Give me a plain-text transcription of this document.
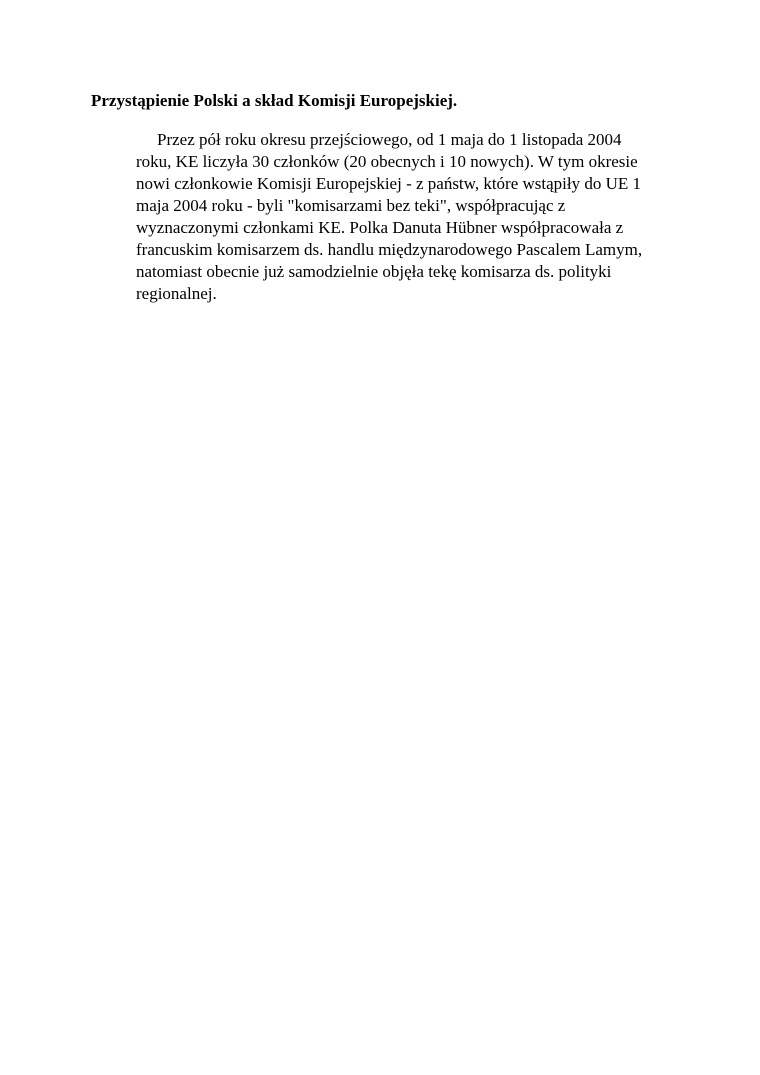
Przystąpienie Polski a skład Komisji Europejskiej.

Przez pół roku okresu przejściowego, od 1 maja do 1 listopada 2004
roku, KE liczyła 30 członków (20 obecnych i 10 nowych). W tym okresie
nowi członkowie Komisji Europejskiej - z państw, które wstąpiły do UE 1
maja 2004 roku - byli "komisarzami bez teki", współpracując z
wyznaczonymi członkami KE. Polka Danuta Hübner współpracowała z
francuskim komisarzem ds. handlu międzynarodowego Pascalem Lamym,
natomiast obecnie już samodzielnie objęła tekę komisarza ds. polityki
regionalnej.
